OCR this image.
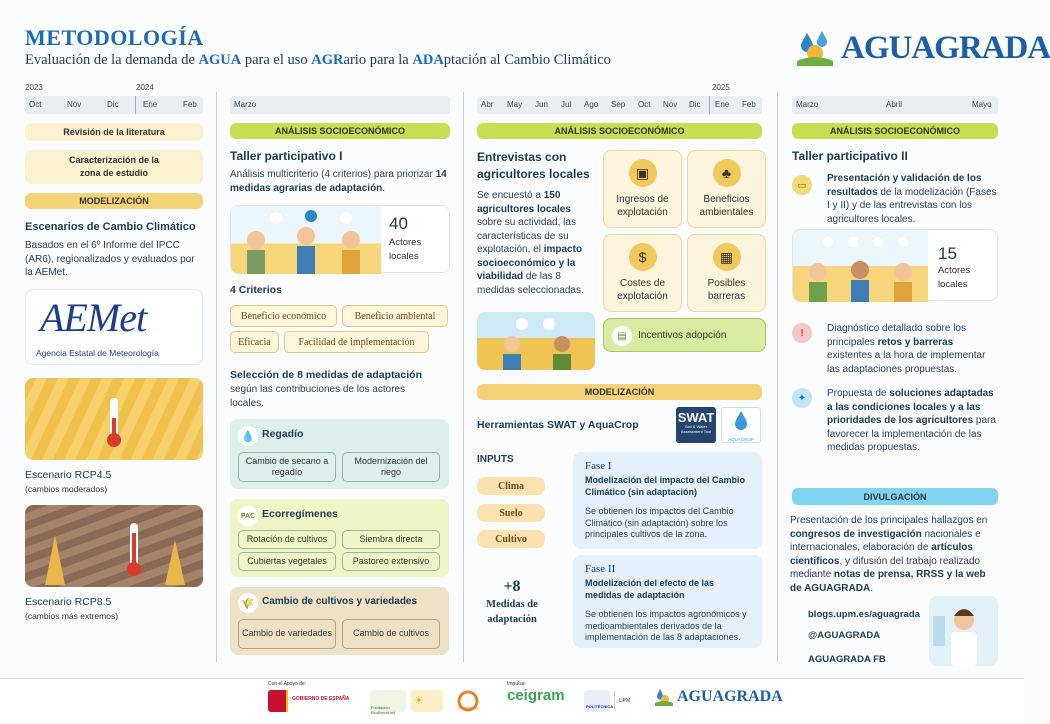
METODOLOGÍA
Evaluación de la demanda de AGUA para el uso AGRario para la ADAptación al Cambio Climático	AGUAGRADA
2023	2024	2025
Oct	Nov	Dic	Ene	Feb	Marzo	Abr May Jun Jul Ago Sep Oct Nov Dic Ene Feb	Marzo	Abril	Mayo
Revisión de la literatura
Caracterización de la
zona de estudio
MODELIZACIÓN
Escenarios de Cambio Climático
Basados en el 6º Informe del IPCC (AR6), regionalizados y evaluados por la AEMet.
AEMet
Agencia Estatal de Meteorología
Escenario RCP4.5
(cambios moderados)
Escenario RCP8.5
(cambios más extremos)
ANÁLISIS SOCIOECONÓMICO
Taller participativo I
Análisis multicriterio (4 criterios) para priorizar 14 medidas agrarias de adaptación.
40
Actores locales
4 Criterios
Beneficio económico	Beneficio ambiental
Eficacia	Facilidad de implementación
Selección de 8 medidas de adaptación
según las contribuciones de los actores locales.
💧 Regadío
Cambio de secano a regadío
Modernización del riego
PAC Ecorregímenes
Rotación de cultivos	Siembra directa
Cubiertas vegetales	Pastoreo extensivo
🌾 Cambio de cultivos y variedades
Cambio de variedades	Cambio de cultivos
ANÁLISIS SOCIOECONÓMICO
Entrevistas con agricultores locales
Se encuestó a 150 agricultores locales sobre su actividad, las características de su explotación, el impacto socioeconómico y la viabilidad de las 8 medidas seleccionadas.
▣
Ingresos de explotación
♣
Beneficios ambientales
$
Costes de explotación
▦
Posibles barreras
▤	Incentivos adopción
MODELIZACIÓN
Herramientas SWAT y AquaCrop	SWAT
Soil & Water Assessment Tool
AQUACROP
INPUTS
Clima
Suelo
Cultivo
+8
Medidas de
adaptación
Fase I
Modelización del impacto del Cambio Climático (sin adaptación)
Se obtienen los impactos del Cambio Climático (sin adaptación) sobre los principales cultivos de la zona.
Fase II
Modelización del efecto de las medidas de adaptación
Se obtienen los impactos agronómicos y medioambientales derivados de la implementación de las 8 adaptaciones.
ANÁLISIS SOCIOECONÓMICO
Taller participativo II
▭
Presentación y validación de los resultados de la modelización (Fases I y II) y de las entrevistas con los agricultores locales.
15
Actores locales
!	Diagnóstico detallado sobre los principales retos y barreras existentes a la hora de implementar las adaptaciones propuestas.
✦	Propuesta de soluciones adaptadas a las condiciones locales y a las prioridades de los agricultores para favorecer la implementación de las medidas propuestas.
DIVULGACIÓN
Presentación de los principales hallazgos en congresos de investigación nacionales e internacionales, elaboración de artículos científicos, y difusión del trabajo realizado mediante notas de prensa, RRSS y la web de AGUAGRADA.
blogs.upm.es/aguagrada
@AGUAGRADA
AGUAGRADA FB
Con el Apoyo de:
GOBIERNO DE ESPAÑA
Fundación Biodiversidad
☀
Ecosistemas
Impulsa:
ceigram
POLITÉCNICA
UPM	AGUAGRADA
